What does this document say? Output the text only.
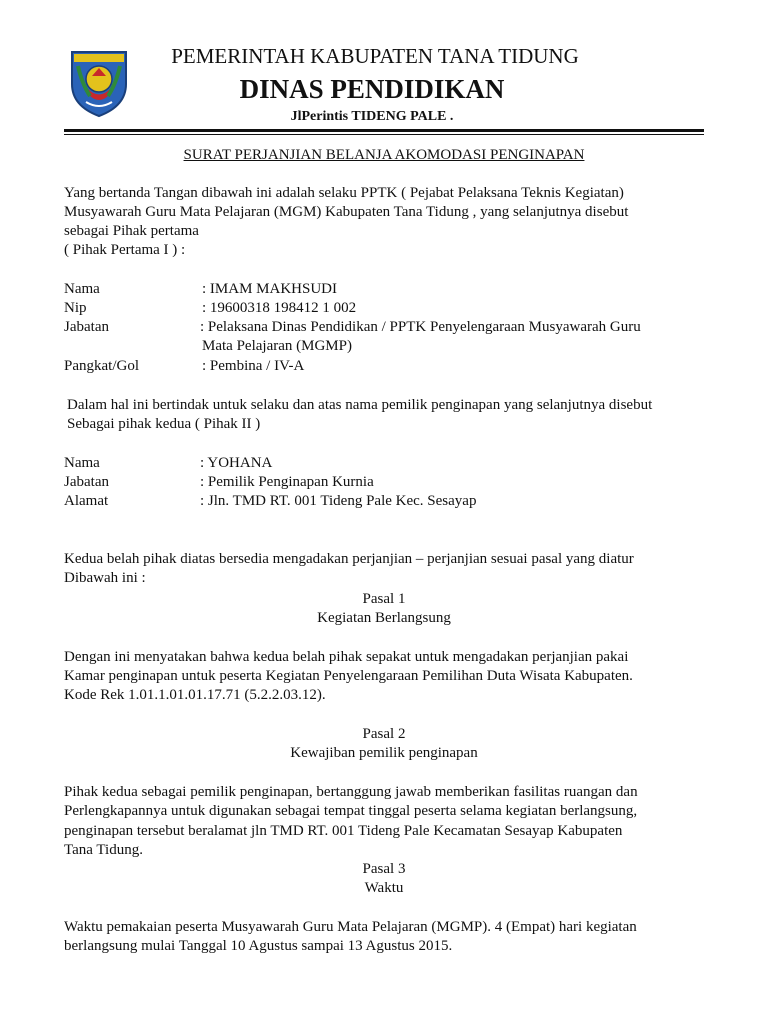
PEMERINTAH KABUPATEN TANA TIDUNG
DINAS PENDIDIKAN
JlPerintis TIDENG PALE .
SURAT PERJANJIAN BELANJA AKOMODASI PENGINAPAN
Yang bertanda Tangan dibawah ini adalah selaku PPTK ( Pejabat Pelaksana Teknis Kegiatan)
Musyawarah Guru Mata Pelajaran (MGM) Kabupaten Tana Tidung , yang selanjutnya disebut
sebagai Pihak pertama
( Pihak Pertama I ) :
Nama	: IMAM MAKHSUDI
Nip	: 19600318 198412 1 002
Jabatan	: Pelaksana Dinas Pendidikan / PPTK Penyelengaraan Musyawarah Guru
Mata Pelajaran (MGMP)
Pangkat/Gol	: Pembina / IV-A
Dalam hal ini bertindak untuk selaku dan atas nama pemilik penginapan yang selanjutnya disebut
Sebagai pihak kedua ( Pihak II )
Nama	: YOHANA
Jabatan	: Pemilik Penginapan Kurnia
Alamat	: Jln. TMD RT. 001 Tideng Pale Kec. Sesayap
Kedua belah pihak diatas bersedia mengadakan perjanjian – perjanjian sesuai pasal yang diatur
Dibawah ini :
Pasal 1
Kegiatan Berlangsung
Dengan ini menyatakan bahwa kedua belah pihak sepakat untuk mengadakan perjanjian pakai
Kamar penginapan untuk peserta Kegiatan Penyelengaraan Pemilihan Duta Wisata Kabupaten.
Kode Rek 1.01.1.01.01.17.71 (5.2.2.03.12).
Pasal 2
Kewajiban pemilik penginapan
Pihak kedua sebagai pemilik penginapan, bertanggung jawab memberikan fasilitas ruangan dan
Perlengkapannya untuk digunakan sebagai tempat tinggal peserta selama kegiatan berlangsung,
penginapan tersebut beralamat jln TMD RT. 001 Tideng Pale Kecamatan Sesayap Kabupaten
Tana Tidung.
Pasal 3
Waktu
Waktu pemakaian peserta Musyawarah Guru Mata Pelajaran (MGMP). 4 (Empat) hari kegiatan
berlangsung mulai Tanggal 10 Agustus sampai 13 Agustus 2015.
